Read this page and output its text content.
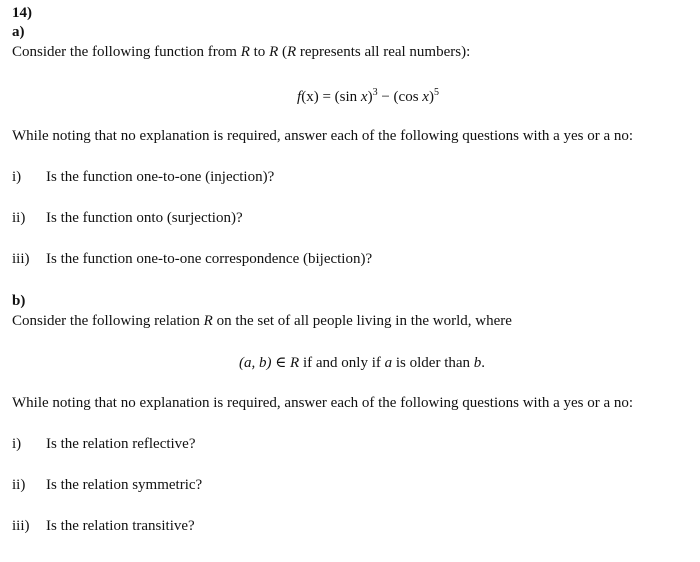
14)
a)
Consider the following function from R to R (R represents all real numbers):
f(x) = (sin x)$^3$ − (cos x)$^5$
While noting that no explanation is required, answer each of the following questions with a yes or a no:
i) Is the function one-to-one (injection)?
ii) Is the function onto (surjection)?
iii) Is the function one-to-one correspondence (bijection)?
b)
Consider the following relation R on the set of all people living in the world, where
(a, b) ∈ R if and only if a is older than b.
While noting that no explanation is required, answer each of the following questions with a yes or a no:
i) Is the relation reflective?
ii) Is the relation symmetric?
iii) Is the relation transitive?
